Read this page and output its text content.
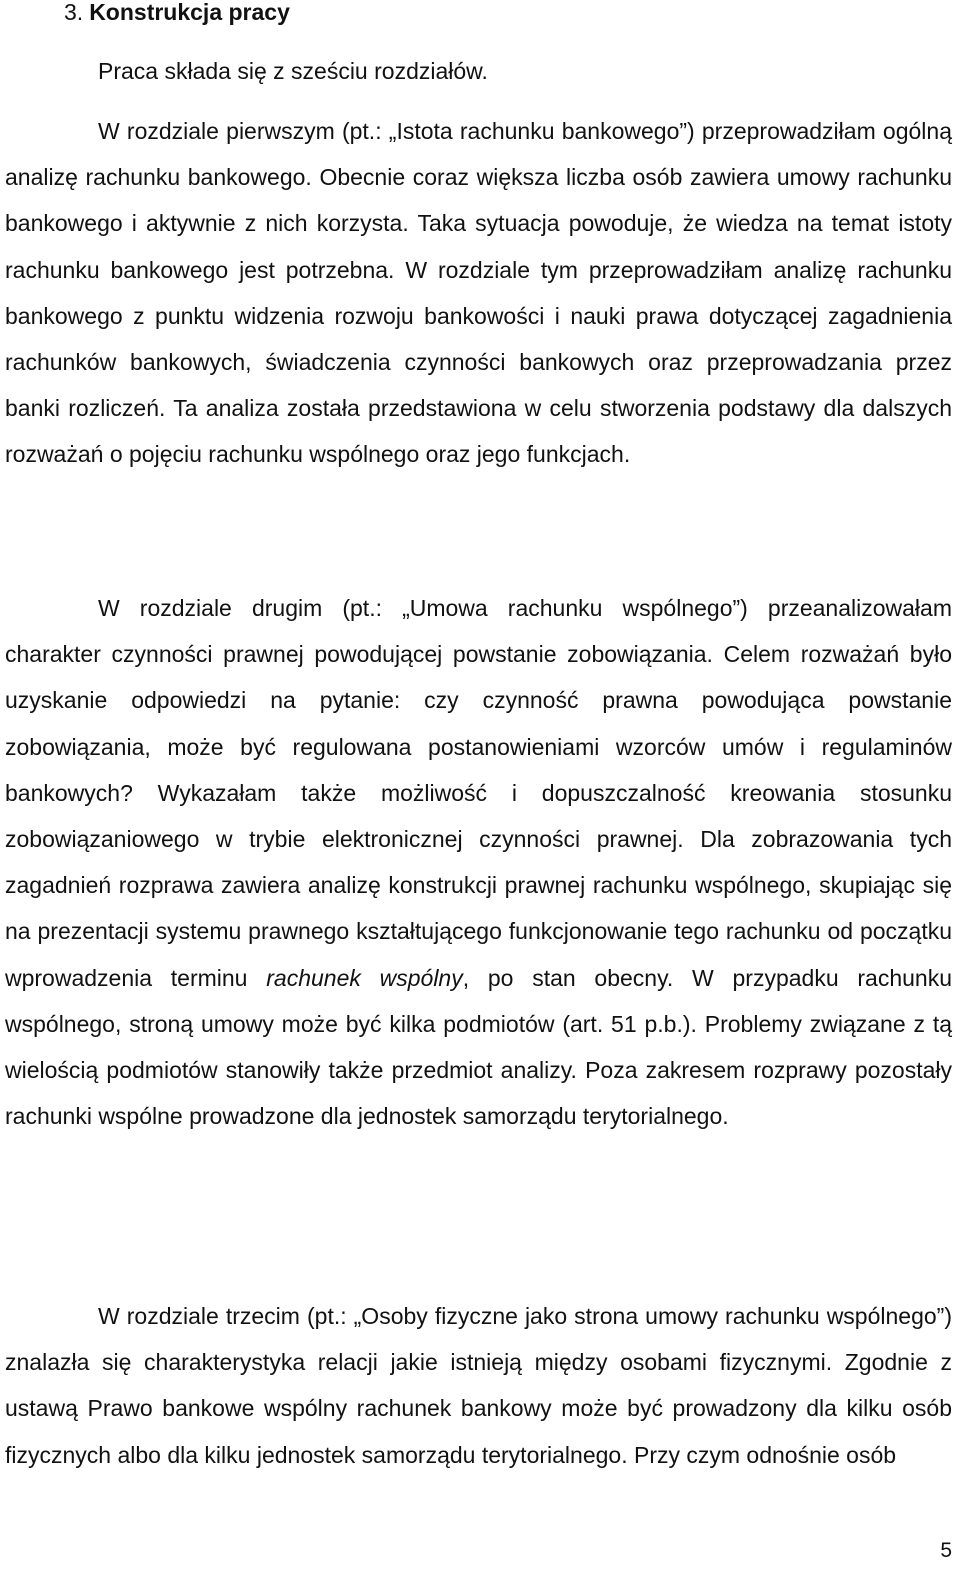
3. Konstrukcja pracy

Praca składa się z sześciu rozdziałów.

W rozdziale pierwszym (pt.: „Istota rachunku bankowego”) przeprowadziłam ogólną analizę rachunku bankowego. Obecnie coraz większa liczba osób zawiera umowy rachunku bankowego i aktywnie z nich korzysta. Taka sytuacja powoduje, że wiedza na temat istoty rachunku bankowego jest potrzebna. W rozdziale tym przeprowadziłam analizę rachunku bankowego z punktu widzenia rozwoju bankowości i nauki prawa dotyczącej zagadnienia rachunków bankowych, świadczenia czynności bankowych oraz przeprowadzania przez banki rozliczeń. Ta analiza została przedstawiona w celu stworzenia podstawy dla dalszych rozważań o pojęciu rachunku wspólnego oraz jego funkcjach.

W rozdziale drugim (pt.: „Umowa rachunku wspólnego”) przeanalizowałam charakter czynności prawnej powodującej powstanie zobowiązania. Celem rozważań było uzyskanie odpowiedzi na pytanie: czy czynność prawna powodująca powstanie zobowiązania, może być regulowana postanowieniami wzorców umów i regulaminów bankowych? Wykazałam także możliwość i dopuszczalność kreowania stosunku zobowiązaniowego w trybie elektronicznej czynności prawnej. Dla zobrazowania tych zagadnień rozprawa zawiera analizę konstrukcji prawnej rachunku wspólnego, skupiając się na prezentacji systemu prawnego kształtującego funkcjonowanie tego rachunku od początku wprowadzenia terminu rachunek wspólny, po stan obecny. W przypadku rachunku wspólnego, stroną umowy może być kilka podmiotów (art. 51 p.b.). Problemy związane z tą wielością podmiotów stanowiły także przedmiot analizy. Poza zakresem rozprawy pozostały rachunki wspólne prowadzone dla jednostek samorządu terytorialnego.

W rozdziale trzecim (pt.: „Osoby fizyczne jako strona umowy rachunku wspólnego”) znalazła się charakterystyka relacji jakie istnieją między osobami fizycznymi. Zgodnie z ustawą Prawo bankowe wspólny rachunek bankowy może być prowadzony dla kilku osób fizycznych albo dla kilku jednostek samorządu terytorialnego. Przy czym odnośnie osób

5
